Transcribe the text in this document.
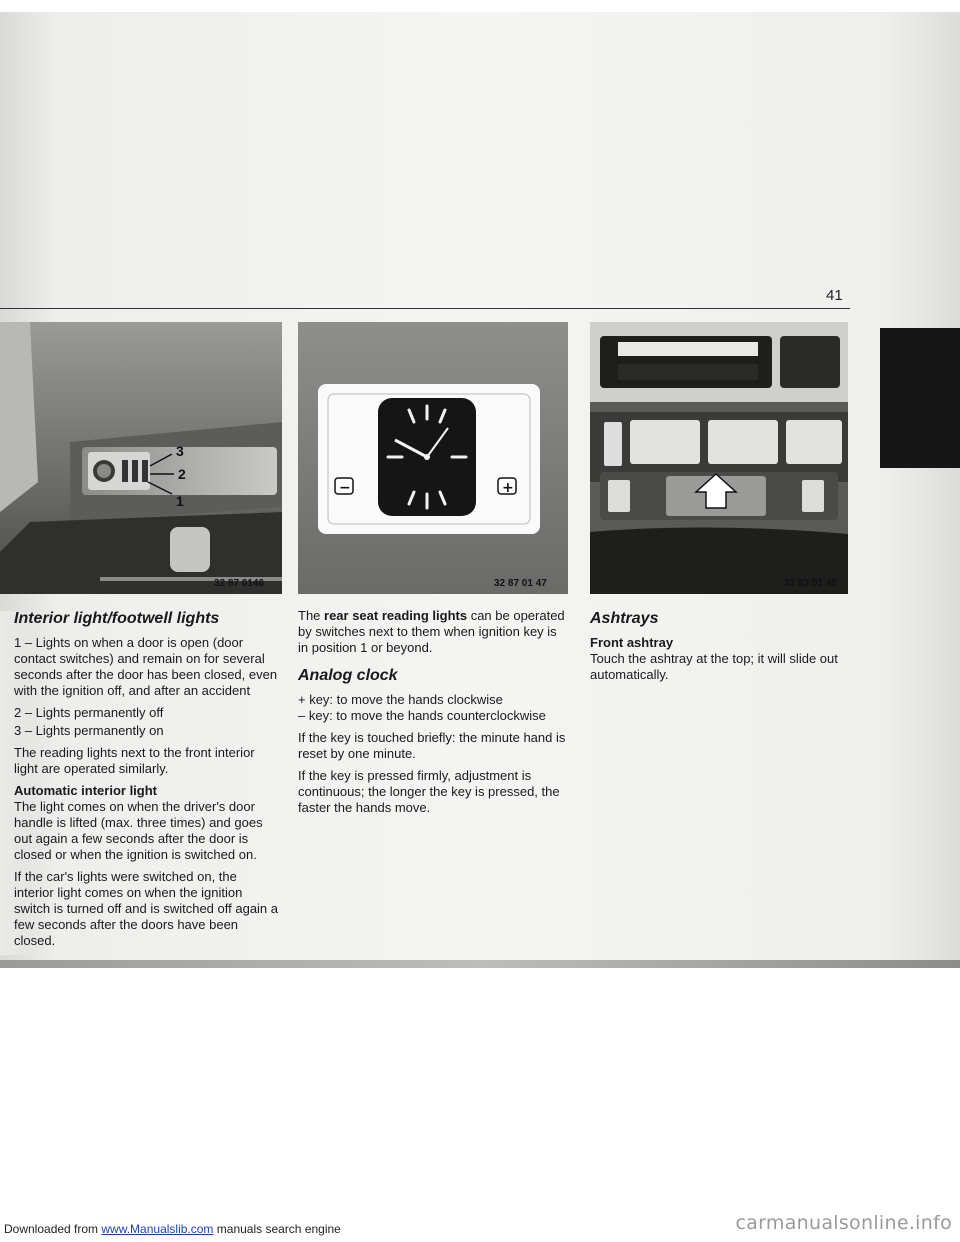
41
3
2
1
32 87 0146
−	+
32 87 01 47	32 93 01 48
Interior light/footwell lights

1 – Lights on when a door is open (door contact switches) and remain on for several seconds after the door has been closed, even with the ignition off, and after an accident

2 – Lights permanently off

3 – Lights permanently on

The reading lights next to the front interior light are operated similarly.

Automatic interior light

The light comes on when the driver's door handle is lifted (max. three times) and goes out again a few seconds after the door is closed or when the ignition is switched on.

If the car's lights were switched on, the interior light comes on when the ignition switch is turned off and is switched off again a few seconds after the doors have been closed.

The rear seat reading lights can be operated by switches next to them when ignition key is in position 1 or beyond.

Analog clock

+ key: to move the hands clockwise

– key: to move the hands counterclockwise

If the key is touched briefly: the minute hand is reset by one minute.

If the key is pressed firmly, adjustment is continuous; the longer the key is pressed, the faster the hands move.

Ashtrays
Front ashtray

Touch the ashtray at the top; it will slide out automatically.

Downloaded from www.Manualslib.com manuals search engine	carmanualsonline.info
